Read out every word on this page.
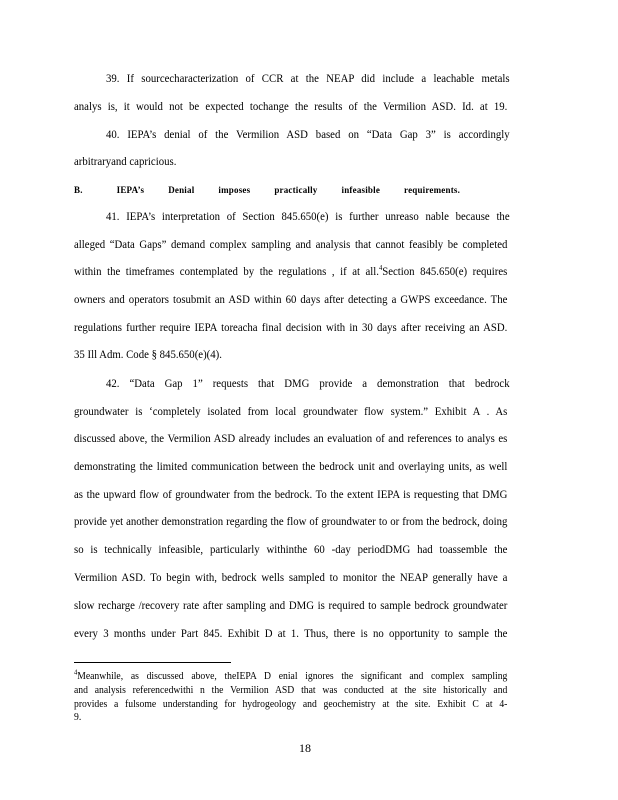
39. If sourcecharacterization of CCR at the NEAP did include a leachable metals
analys is, it would not be expected tochange the results of the Vermilion ASD. Id. at 19.
40. IEPA’s denial of the Vermilion ASD based on “Data Gap 3” is accordingly
arbitraryand capricious.
B.	IEPA’s	Denial	imposes	practically	infeasible	requirements.
41. IEPA’s interpretation of Section 845.650(e) is further unreaso nable because the
alleged “Data Gaps” demand complex sampling and analysis that cannot feasibly be completed
within the timeframes contemplated by the regulations , if at all.$^4$Section 845.650(e) requires
owners and operators tosubmit an ASD within 60 days after detecting a GWPS exceedance. The
regulations further require IEPA toreacha final decision with in 30 days after receiving an ASD.
35 Ill Adm. Code § 845.650(e)(4).
42. “Data Gap 1” requests that DMG provide a demonstration that bedrock
groundwater is ‘completely isolated from local groundwater flow system.” Exhibit A . As
discussed above, the Vermilion ASD already includes an evaluation of and references to analys es
demonstrating the limited communication between the bedrock unit and overlaying units, as well
as the upward flow of groundwater from the bedrock. To the extent IEPA is requesting that DMG
provide yet another demonstration regarding the flow of groundwater to or from the bedrock, doing
so is technically infeasible, particularly withinthe 60 -day periodDMG had toassemble the
Vermilion ASD. To begin with, bedrock wells sampled to monitor the NEAP generally have a
slow recharge /recovery rate after sampling and DMG is required to sample bedrock groundwater
every 3 months under Part 845. Exhibit D at 1. Thus, there is no opportunity to sample the
$^4$Meanwhile, as discussed above, theIEPA D enial ignores the significant and complex sampling
and analysis referencedwithi n the Vermilion ASD that was conducted at the site historically and
provides a fulsome understanding for hydrogeology and geochemistry at the site. Exhibit C at 4-
9.
18
